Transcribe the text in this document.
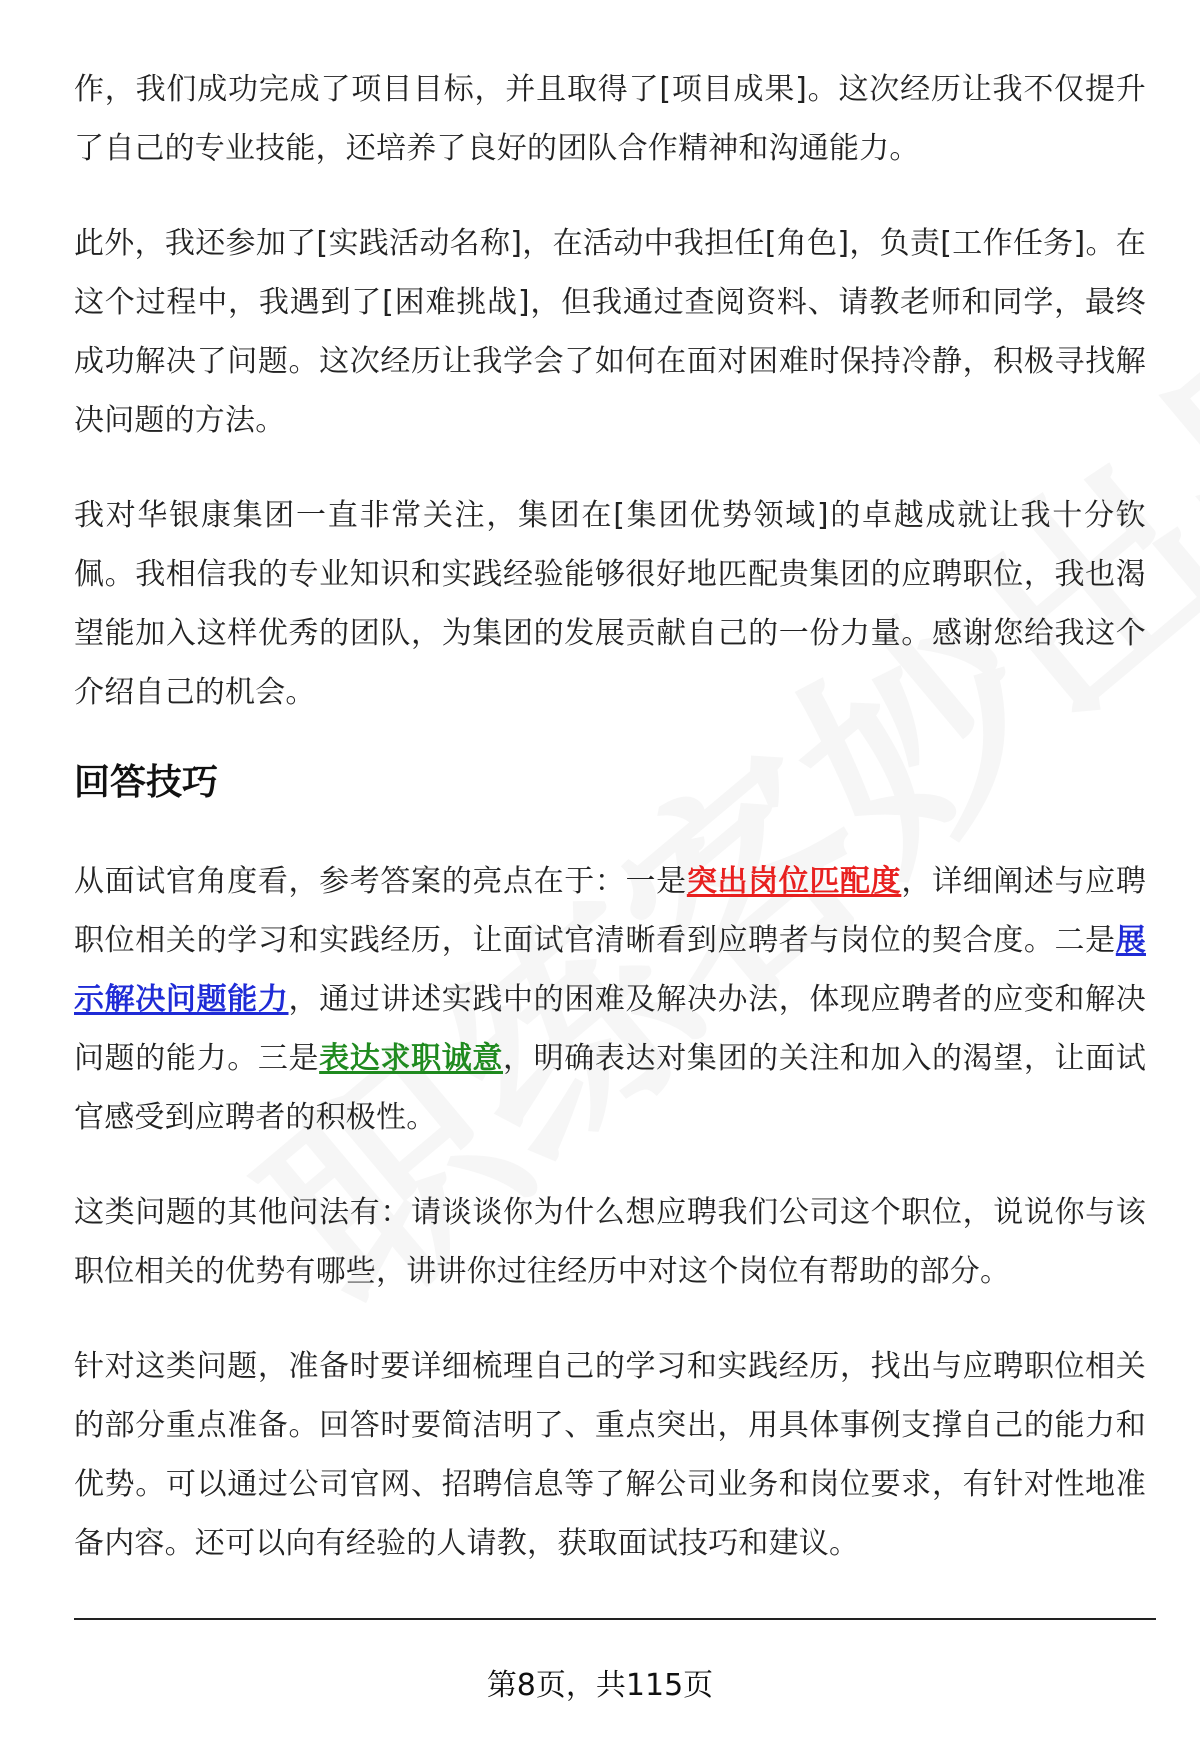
作，我们成功完成了项目目标，并且取得了[项目成果]。这次经历让我不仅提升了自己的专业技能，还培养了良好的团队合作精神和沟通能力。

此外，我还参加了[实践活动名称]，在活动中我担任[角色]，负责[工作任务]。在这个过程中，我遇到了[困难挑战]，但我通过查阅资料、请教老师和同学，最终成功解决了问题。这次经历让我学会了如何在面对困难时保持冷静，积极寻找解决问题的方法。

我对华银康集团一直非常关注，集团在[集团优势领域]的卓越成就让我十分钦佩。我相信我的专业知识和实践经验能够很好地匹配贵集团的应聘职位，我也渴望能加入这样优秀的团队，为集团的发展贡献自己的一份力量。感谢您给我这个介绍自己的机会。

回答技巧

从面试官角度看，参考答案的亮点在于：一是突出岗位匹配度，详细阐述与应聘职位相关的学习和实践经历，让面试官清晰看到应聘者与岗位的契合度。二是展示解决问题能力，通过讲述实践中的困难及解决办法，体现应聘者的应变和解决问题的能力。三是表达求职诚意，明确表达对集团的关注和加入的渴望，让面试官感受到应聘者的积极性。

这类问题的其他问法有：请谈谈你为什么想应聘我们公司这个职位，说说你与该职位相关的优势有哪些，讲讲你过往经历中对这个岗位有帮助的部分。

针对这类问题，准备时要详细梳理自己的学习和实践经历，找出与应聘职位相关的部分重点准备。回答时要简洁明了、重点突出，用具体事例支撑自己的能力和优势。可以通过公司官网、招聘信息等了解公司业务和岗位要求，有针对性地准备内容。还可以向有经验的人请教，获取面试技巧和建议。

第8页，共115页
